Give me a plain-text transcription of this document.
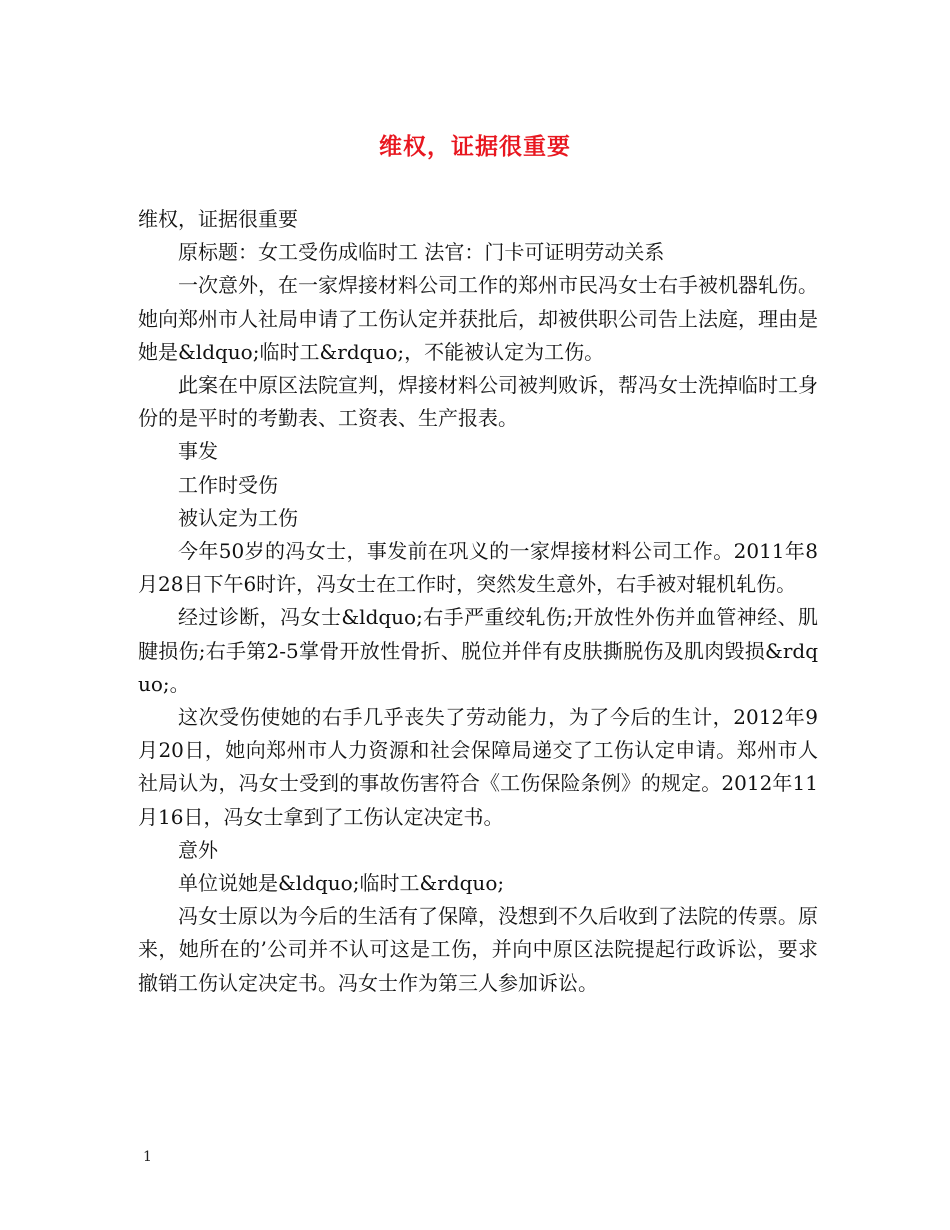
维权，证据很重要

维权，证据很重要

原标题：女工受伤成临时工 法官：门卡可证明劳动关系

一次意外，在一家焊接材料公司工作的郑州市民冯女士右手被机器轧伤。她向郑州市人社局申请了工伤认定并获批后，却被供职公司告上法庭，理由是她是&ldquo;临时工&rdquo;，不能被认定为工伤。

此案在中原区法院宣判，焊接材料公司被判败诉，帮冯女士洗掉临时工身份的是平时的考勤表、工资表、生产报表。

事发

工作时受伤

被认定为工伤

今年50岁的冯女士，事发前在巩义的一家焊接材料公司工作。2011年8月28日下午6时许，冯女士在工作时，突然发生意外，右手被对辊机轧伤。

经过诊断，冯女士&ldquo;右手严重绞轧伤;开放性外伤并血管神经、肌腱损伤;右手第2-5掌骨开放性骨折、脱位并伴有皮肤撕脱伤及肌肉毁损&rdquo;。

这次受伤使她的右手几乎丧失了劳动能力，为了今后的生计，2012年9月20日，她向郑州市人力资源和社会保障局递交了工伤认定申请。郑州市人社局认为，冯女士受到的事故伤害符合《工伤保险条例》的规定。2012年11月16日，冯女士拿到了工伤认定决定书。

意外

单位说她是&ldquo;临时工&rdquo;

冯女士原以为今后的生活有了保障，没想到不久后收到了法院的传票。原来，她所在的’公司并不认可这是工伤，并向中原区法院提起行政诉讼，要求撤销工伤认定决定书。冯女士作为第三人参加诉讼。

1
